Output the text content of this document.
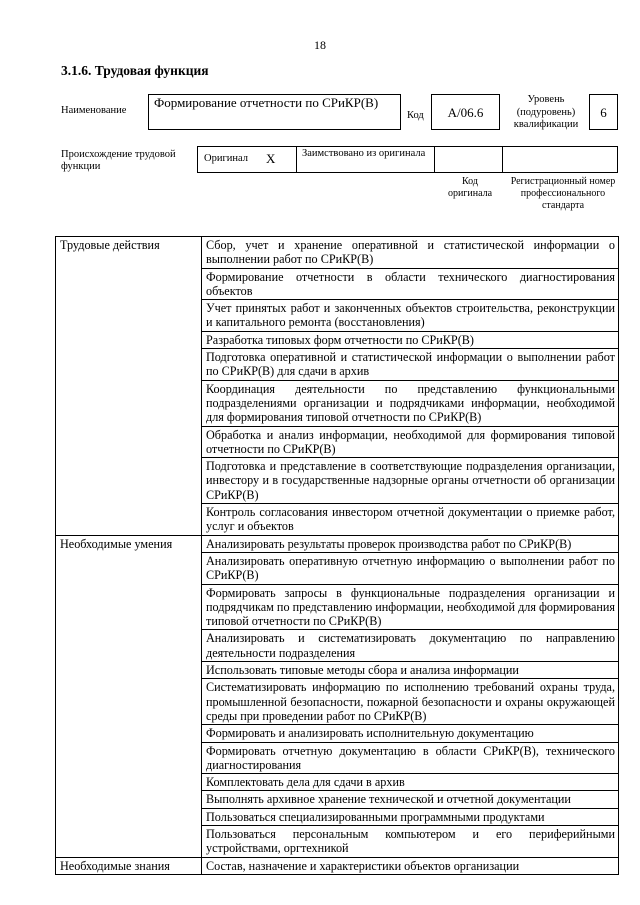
18
3.1.6. Трудовая функция
Наименование
Формирование отчетности по СРиКР(В)
Код	A/06.6
Уровень (подуровень) квалификации
6
Происхождение трудовой функции
Оригинал X	Заимствовано из оригинала
Код оригинала
Регистрационный номер профессионального стандарта
Трудовые действия	Сбор, учет и хранение оперативной и статистической информации о выполнении работ по СРиКР(В)
	Формирование отчетности в области технического диагностирования объектов
	Учет принятых работ и законченных объектов строительства, реконструкции и капитального ремонта (восстановления)
	Разработка типовых форм отчетности по СРиКР(В)
	Подготовка оперативной и статистической информации о выполнении работ по СРиКР(В) для сдачи в архив
	Координация деятельности по представлению функциональными подразделениями организации и подрядчиками информации, необходимой для формирования типовой отчетности по СРиКР(В)
	Обработка и анализ информации, необходимой для формирования типовой отчетности по СРиКР(В)
	Подготовка и представление в соответствующие подразделения организации, инвестору и в государственные надзорные органы отчетности об организации СРиКР(В)
	Контроль согласования инвестором отчетной документации о приемке работ, услуг и объектов
Необходимые умения	Анализировать результаты проверок производства работ по СРиКР(В)
	Анализировать оперативную отчетную информацию о выполнении работ по СРиКР(В)
	Формировать запросы в функциональные подразделения организации и подрядчикам по представлению информации, необходимой для формирования типовой отчетности по СРиКР(В)
	Анализировать и систематизировать документацию по направлению деятельности подразделения
	Использовать типовые методы сбора и анализа информации
	Систематизировать информацию по исполнению требований охраны труда, промышленной безопасности, пожарной безопасности и охраны окружающей среды при проведении работ по СРиКР(В)
	Формировать и анализировать исполнительную документацию
	Формировать отчетную документацию в области СРиКР(В), технического диагностирования
	Комплектовать дела для сдачи в архив
	Выполнять архивное хранение технической и отчетной документации
	Пользоваться специализированными программными продуктами
	Пользоваться персональным компьютером и его периферийными устройствами, оргтехникой
Необходимые знания	Состав, назначение и характеристики объектов организации
